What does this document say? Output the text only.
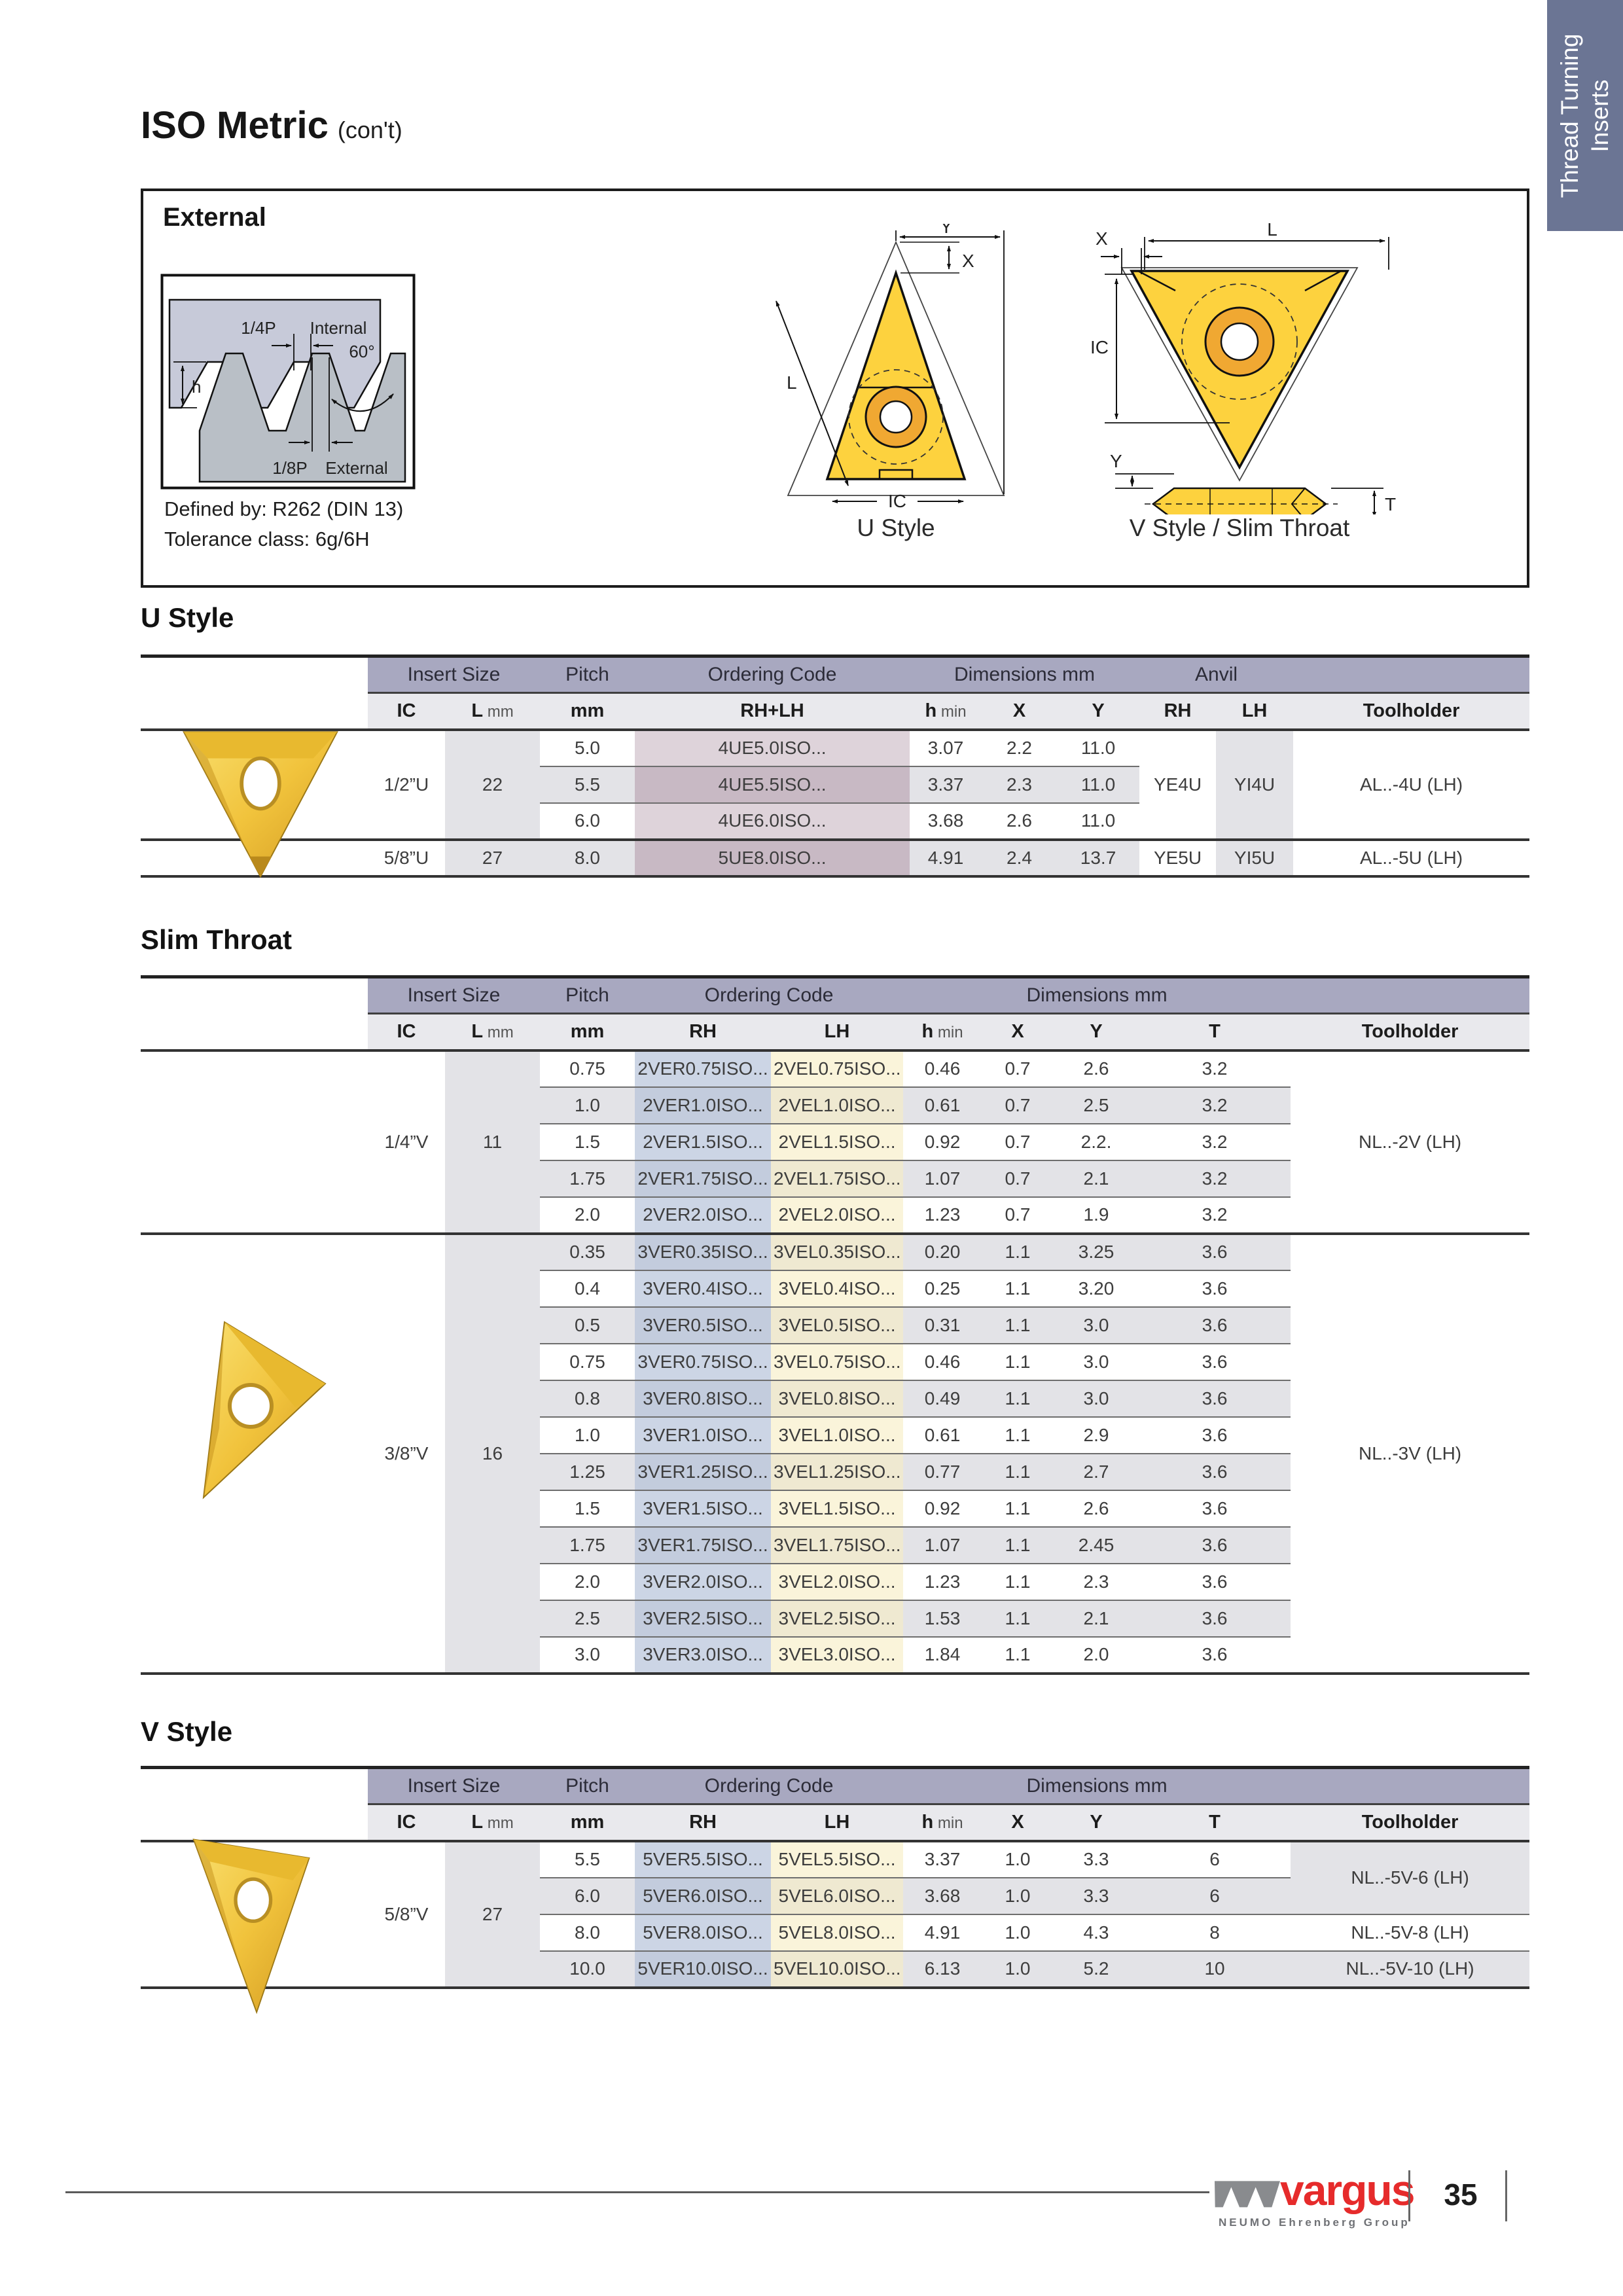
Thread Turning Inserts
ISO Metric (con't)
External
1/4P Internal
60°
h
1/8P External
Defined by: R262 (DIN 13)
Tolerance class: 6g/6H
Y
X
L
IC
U Style
L
X
IC
Y
T
V Style / Slim Throat
U Style
	Insert Size		Pitch	Ordering Code	Dimensions mm			Anvil		
	IC	L mm	mm	RH+LH	h min	X	Y	RH	LH	Toolholder
	1/2”U	22	5.0	4UE5.0ISO...	3.07	2.2	11.0	YE4U	YI4U	AL..-4U (LH)
			5.5	4UE5.5ISO...	3.37	2.3	11.0			
			6.0	4UE6.0ISO...	3.68	2.6	11.0			
	5/8”U	27	8.0	5UE8.0ISO...	4.91	2.4	13.7	YE5U	YI5U	AL..-5U (LH)
Slim Throat
	Insert Size		Pitch	Ordering Code		Dimensions mm				
	IC	L mm	mm	RH	LH	h min	X	Y	T	Toolholder
	1/4”V	11	0.75	2VER0.75ISO...	2VEL0.75ISO...	0.46	0.7	2.6	3.2	NL..-2V (LH)
			1.0	2VER1.0ISO...	2VEL1.0ISO...	0.61	0.7	2.5	3.2	
			1.5	2VER1.5ISO...	2VEL1.5ISO...	0.92	0.7	2.2.	3.2	
			1.75	2VER1.75ISO...	2VEL1.75ISO...	1.07	0.7	2.1	3.2	
			2.0	2VER2.0ISO...	2VEL2.0ISO...	1.23	0.7	1.9	3.2	
	3/8”V	16	0.35	3VER0.35ISO...	3VEL0.35ISO...	0.20	1.1	3.25	3.6	NL..-3V (LH)
			0.4	3VER0.4ISO...	3VEL0.4ISO...	0.25	1.1	3.20	3.6	
			0.5	3VER0.5ISO...	3VEL0.5ISO...	0.31	1.1	3.0	3.6	
			0.75	3VER0.75ISO...	3VEL0.75ISO...	0.46	1.1	3.0	3.6	
			0.8	3VER0.8ISO...	3VEL0.8ISO...	0.49	1.1	3.0	3.6	
			1.0	3VER1.0ISO...	3VEL1.0ISO...	0.61	1.1	2.9	3.6	
			1.25	3VER1.25ISO...	3VEL1.25ISO...	0.77	1.1	2.7	3.6	
			1.5	3VER1.5ISO...	3VEL1.5ISO...	0.92	1.1	2.6	3.6	
			1.75	3VER1.75ISO...	3VEL1.75ISO...	1.07	1.1	2.45	3.6	
			2.0	3VER2.0ISO...	3VEL2.0ISO...	1.23	1.1	2.3	3.6	
			2.5	3VER2.5ISO...	3VEL2.5ISO...	1.53	1.1	2.1	3.6	
			3.0	3VER3.0ISO...	3VEL3.0ISO...	1.84	1.1	2.0	3.6	
V Style
	Insert Size		Pitch	Ordering Code		Dimensions mm				
	IC	L mm	mm	RH	LH	h min	X	Y	T	Toolholder
	5/8”V	27	5.5	5VER5.5ISO...	5VEL5.5ISO...	3.37	1.0	3.3	6	NL..-5V-6 (LH)
			6.0	5VER6.0ISO...	5VEL6.0ISO...	3.68	1.0	3.3	6	
			8.0	5VER8.0ISO...	5VEL8.0ISO...	4.91	1.0	4.3	8	NL..-5V-8 (LH)
			10.0	5VER10.0ISO...	5VEL10.0ISO...	6.13	1.0	5.2	10	NL..-5V-10 (LH)
vargus
NEUMO Ehrenberg Group
35
